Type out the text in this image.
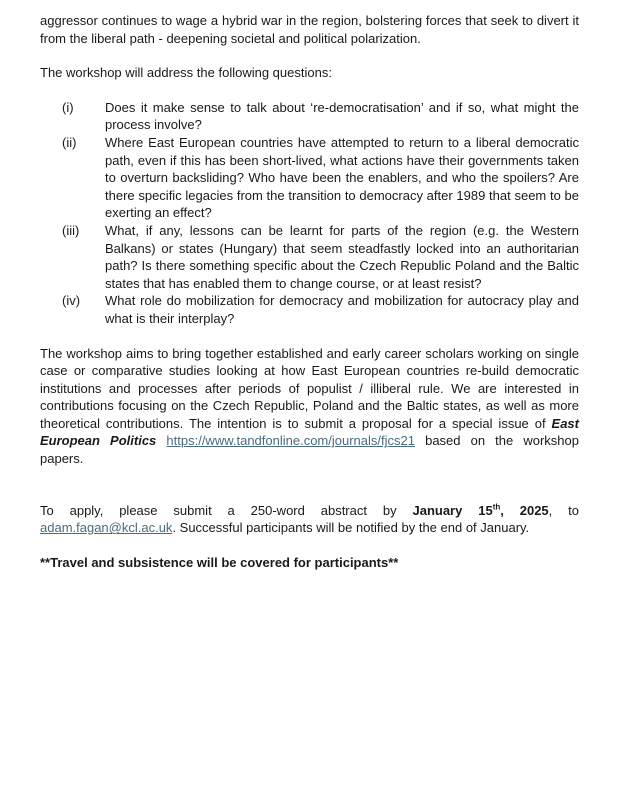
aggressor continues to wage a hybrid war in the region, bolstering forces that seek to divert it from the liberal path - deepening societal and political polarization.

The workshop will address the following questions:

(i)	Does it make sense to talk about ‘re-democratisation’ and if so, what might the process involve?
(ii)	Where East European countries have attempted to return to a liberal democratic path, even if this has been short-lived, what actions have their governments taken to overturn backsliding? Who have been the enablers, and who the spoilers? Are there specific legacies from the transition to democracy after 1989 that seem to be exerting an effect?
(iii)	What, if any, lessons can be learnt for parts of the region (e.g. the Western Balkans) or states (Hungary) that seem steadfastly locked into an authoritarian path? Is there something specific about the Czech Republic Poland and the Baltic states that has enabled them to change course, or at least resist?
(iv)	What role do mobilization for democracy and mobilization for autocracy play and what is their interplay?

The workshop aims to bring together established and early career scholars working on single case or comparative studies looking at how East European countries re-build democratic institutions and processes after periods of populist / illiberal rule. We are interested in contributions focusing on the Czech Republic, Poland and the Baltic states, as well as more theoretical contributions. The intention is to submit a proposal for a special issue of East European Politics https://www.tandfonline.com/journals/fjcs21 based on the workshop papers.

To apply, please submit a 250-word abstract by January 15th, 2025, to adam.fagan@kcl.ac.uk. Successful participants will be notified by the end of January.

**Travel and subsistence will be covered for participants**
